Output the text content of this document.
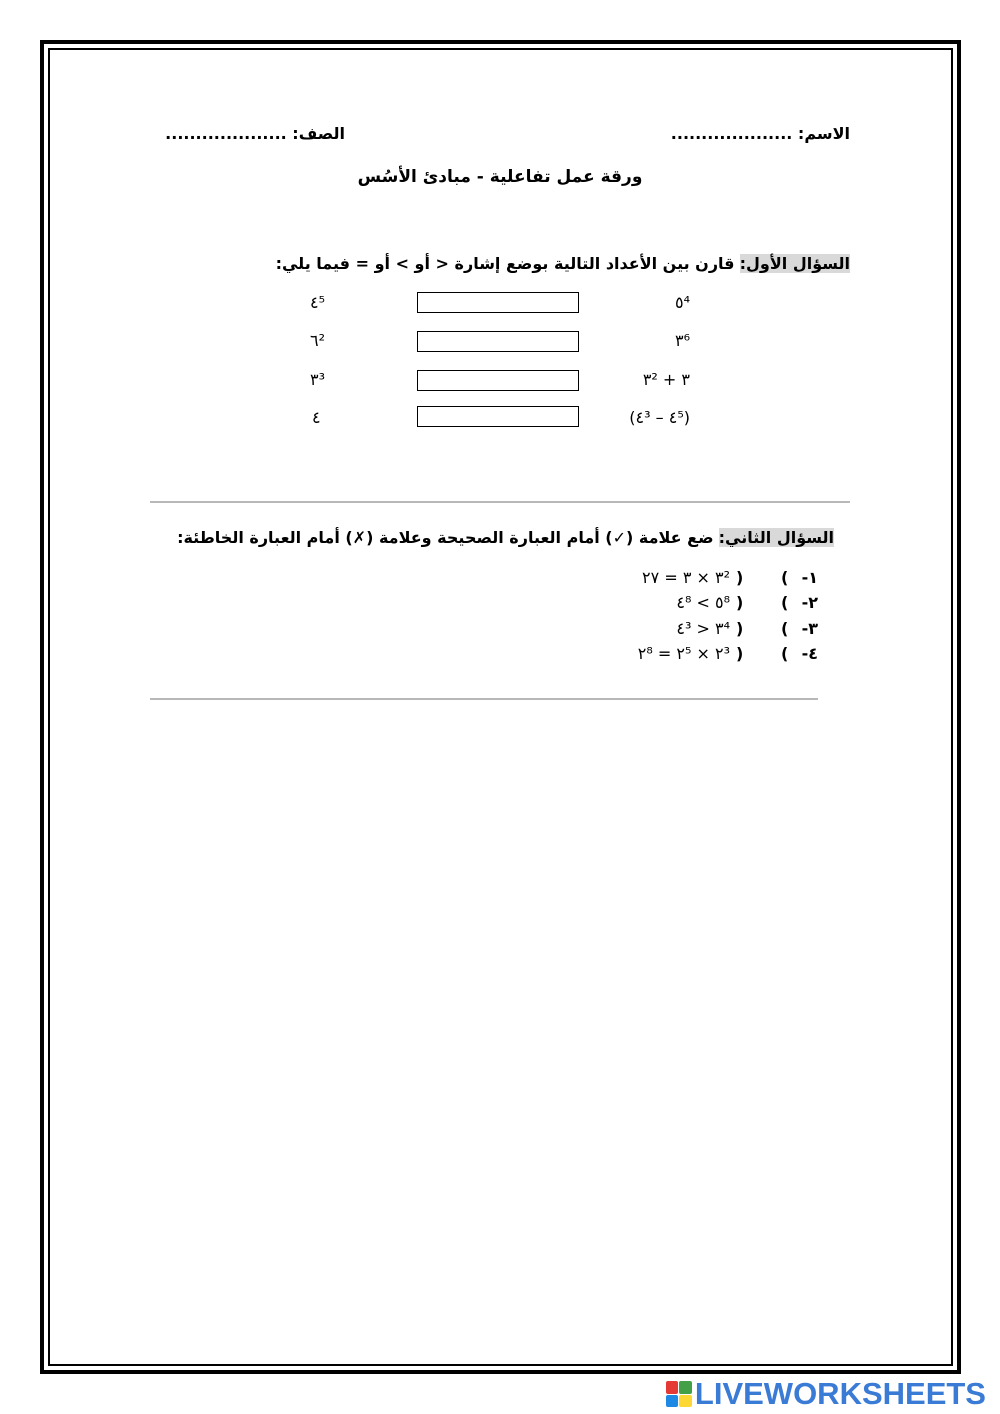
الاسم: ....................
الصف: ....................
ورقة عمل تفاعلية - مبادئ الأسُس
السؤال الأول: قارن بين الأعداد التالية بوضع إشارة < أو > أو = فيما يلي:
٥⁴
٤⁵
٣⁶
٦²
٣ + ٣²
٣³
(٤⁵ – ٤³)
٤
السؤال الثاني: ضع علامة (✓) أمام العبارة الصحيحة وعلامة (✗) أمام العبارة الخاطئة:
١-
(
)
٣² × ٣ = ٢٧
٢-
(
)
٥⁸ > ٤⁸
٣-
(
)
٣⁴ < ٤³
٤-
(
)
٢³ × ٢⁵ = ٢⁸
LIVEWORKSHEETS
